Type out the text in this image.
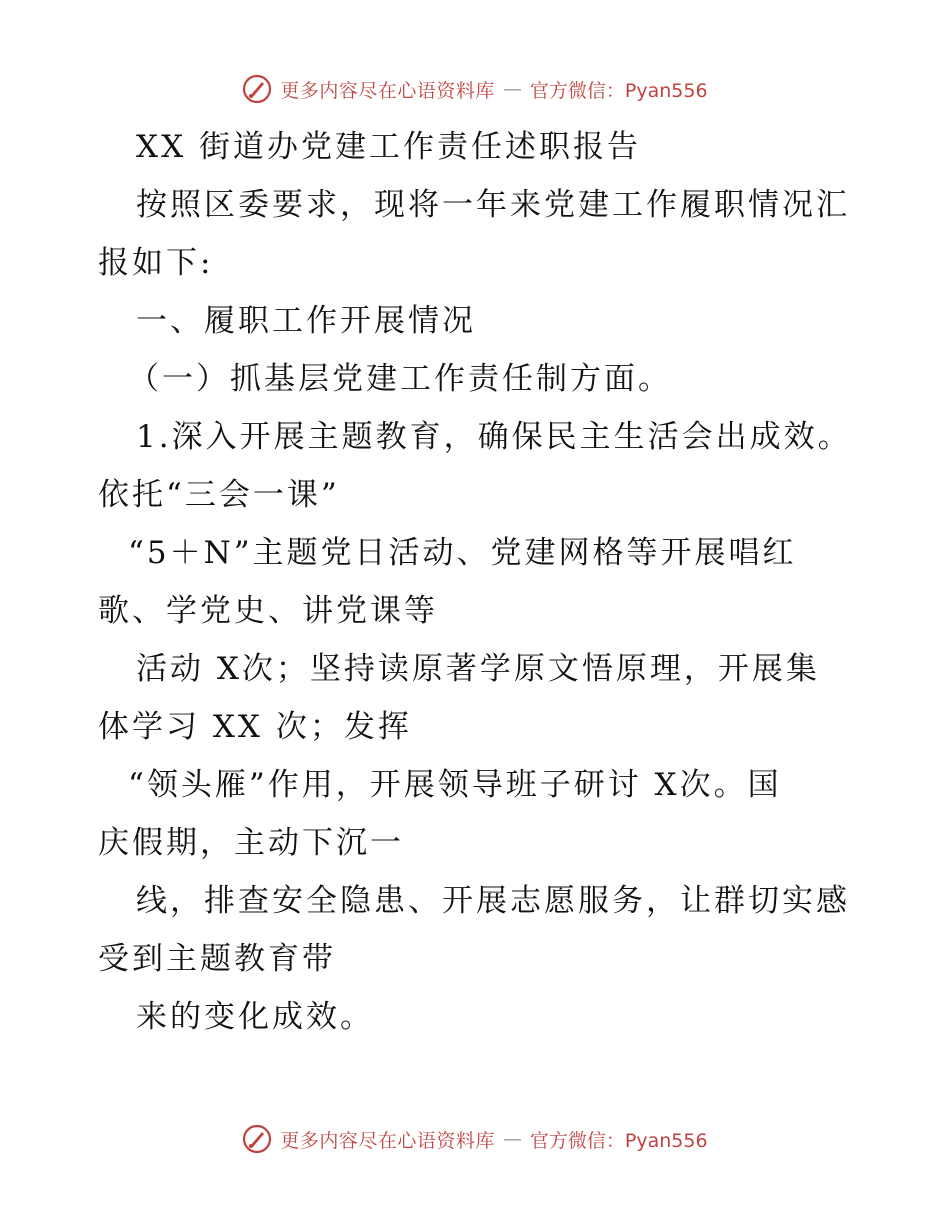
更多内容尽在心语资料库 — 官方微信：Pyan556
XX 街道办党建工作责任述职报告
按照区委要求，现将一年来党建工作履职情况汇
报如下:
一、履职工作开展情况
（一）抓基层党建工作责任制方面。
1.深入开展主题教育，确保民主生活会出成效。
依托“三会一课”
“5＋N”主题党日活动、党建网格等开展唱红
歌、学党史、讲党课等
活动 X次；坚持读原著学原文悟原理，开展集
体学习 XX 次；发挥
“领头雁”作用，开展领导班子研讨 X次。国
庆假期，主动下沉一
线，排查安全隐患、开展志愿服务，让群切实感
受到主题教育带
来的变化成效。
更多内容尽在心语资料库 — 官方微信：Pyan556
